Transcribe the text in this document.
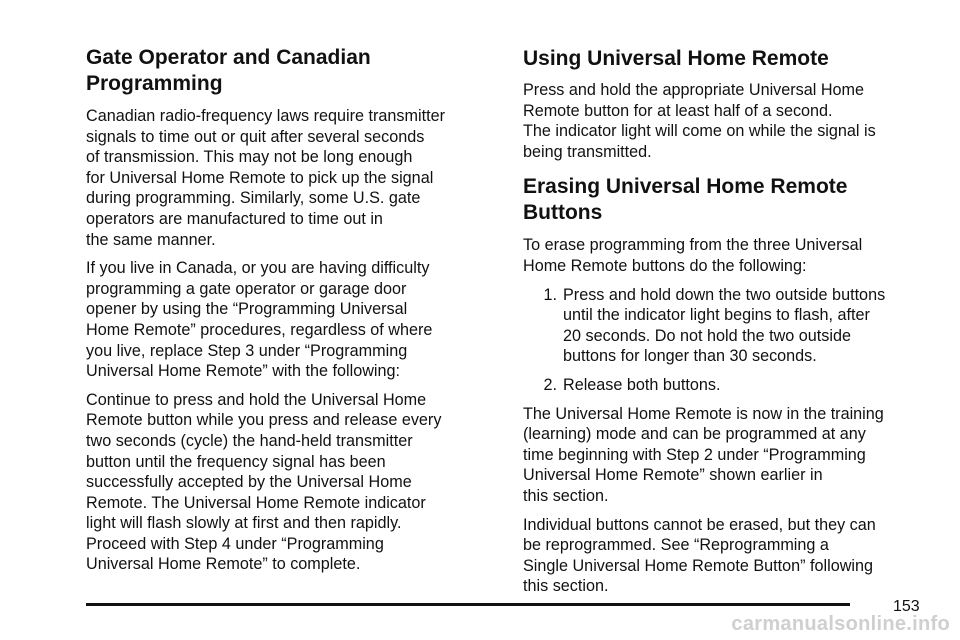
Gate Operator and Canadian
Programming

Canadian radio-frequency laws require transmitter
signals to time out or quit after several seconds
of transmission. This may not be long enough
for Universal Home Remote to pick up the signal
during programming. Similarly, some U.S. gate
operators are manufactured to time out in
the same manner.

If you live in Canada, or you are having difficulty
programming a gate operator or garage door
opener by using the “Programming Universal
Home Remote” procedures, regardless of where
you live, replace Step 3 under “Programming
Universal Home Remote” with the following:

Continue to press and hold the Universal Home
Remote button while you press and release every
two seconds (cycle) the hand-held transmitter
button until the frequency signal has been
successfully accepted by the Universal Home
Remote. The Universal Home Remote indicator
light will flash slowly at first and then rapidly.
Proceed with Step 4 under “Programming
Universal Home Remote” to complete.

Using Universal Home Remote

Press and hold the appropriate Universal Home
Remote button for at least half of a second.
The indicator light will come on while the signal is
being transmitted.

Erasing Universal Home Remote
Buttons

To erase programming from the three Universal
Home Remote buttons do the following:

1. Press and hold down the two outside buttons
until the indicator light begins to flash, after
20 seconds. Do not hold the two outside
buttons for longer than 30 seconds.
2. Release both buttons.

The Universal Home Remote is now in the training
(learning) mode and can be programmed at any
time beginning with Step 2 under “Programming
Universal Home Remote” shown earlier in
this section.

Individual buttons cannot be erased, but they can
be reprogrammed. See “Reprogramming a
Single Universal Home Remote Button” following
this section.

153
carmanualsonline.info
